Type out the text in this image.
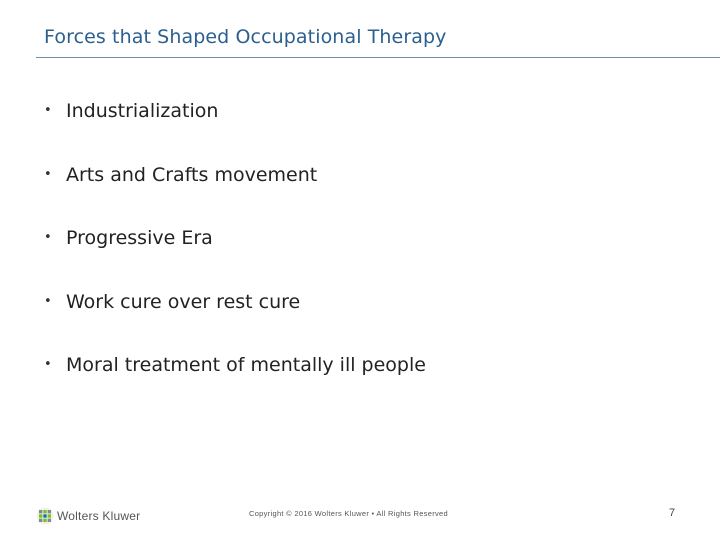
Forces that Shaped Occupational Therapy
• Industrialization
• Arts and Crafts movement
• Progressive Era
• Work cure over rest cure
• Moral treatment of mentally ill people
Wolters Kluwer	Copyright © 2016 Wolters Kluwer • All Rights Reserved	7
